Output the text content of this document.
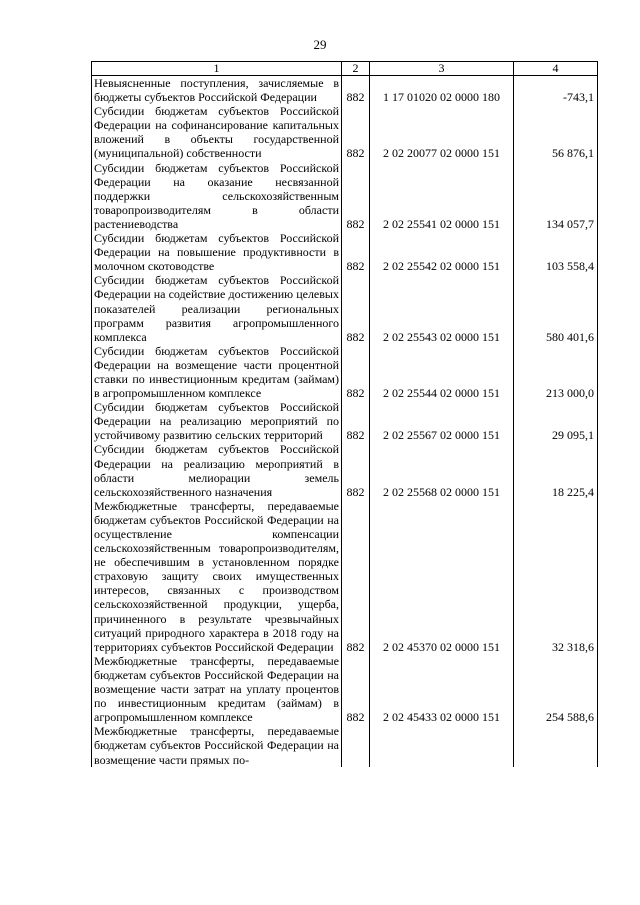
29
1	2	3	4
Невыясненные поступления, зачисляемые в бюджеты субъектов Российской Федерации	882	1 17 01020 02 0000 180	-743,1
Субсидии бюджетам субъектов Российской Федерации на софинансирование капитальных вложений в объекты государственной (муниципальной) собственности	882	2 02 20077 02 0000 151	56 876,1
Субсидии бюджетам субъектов Российской Федерации на оказание несвязанной поддержки сельскохозяйственным товаропроизводителям в области растениеводства	882	2 02 25541 02 0000 151	134 057,7
Субсидии бюджетам субъектов Российской Федерации на повышение продуктивности в молочном скотоводстве	882	2 02 25542 02 0000 151	103 558,4
Субсидии бюджетам субъектов Российской Федерации на содействие достижению целевых показателей реализации региональных программ развития агропромышленного комплекса	882	2 02 25543 02 0000 151	580 401,6
Субсидии бюджетам субъектов Российской Федерации на возмещение части процентной ставки по инвестиционным кредитам (займам) в агропромышленном комплексе	882	2 02 25544 02 0000 151	213 000,0
Субсидии бюджетам субъектов Российской Федерации на реализацию мероприятий по устойчивому развитию сельских территорий	882	2 02 25567 02 0000 151	29 095,1
Субсидии бюджетам субъектов Российской Федерации на реализацию мероприятий в области мелиорации земель сельскохозяйственного назначения	882	2 02 25568 02 0000 151	18 225,4
Межбюджетные трансферты, передаваемые бюджетам субъектов Российской Федерации на осуществление компенсации сельскохозяйственным товаропроизводителям, не обеспечившим в установленном порядке страховую защиту своих имущественных интересов, связанных с производством сельскохозяйственной продукции, ущерба, причиненного в результате чрезвычайных ситуаций природного характера в 2018 году на территориях субъектов Российской Федерации	882	2 02 45370 02 0000 151	32 318,6
Межбюджетные трансферты, передаваемые бюджетам субъектов Российской Федерации на возмещение части затрат на уплату процентов по инвестиционным кредитам (займам) в агропромышленном комплексе	882	2 02 45433 02 0000 151	254 588,6
Межбюджетные трансферты, передаваемые бюджетам субъектов Российской Федерации на возмещение части прямых по-			
